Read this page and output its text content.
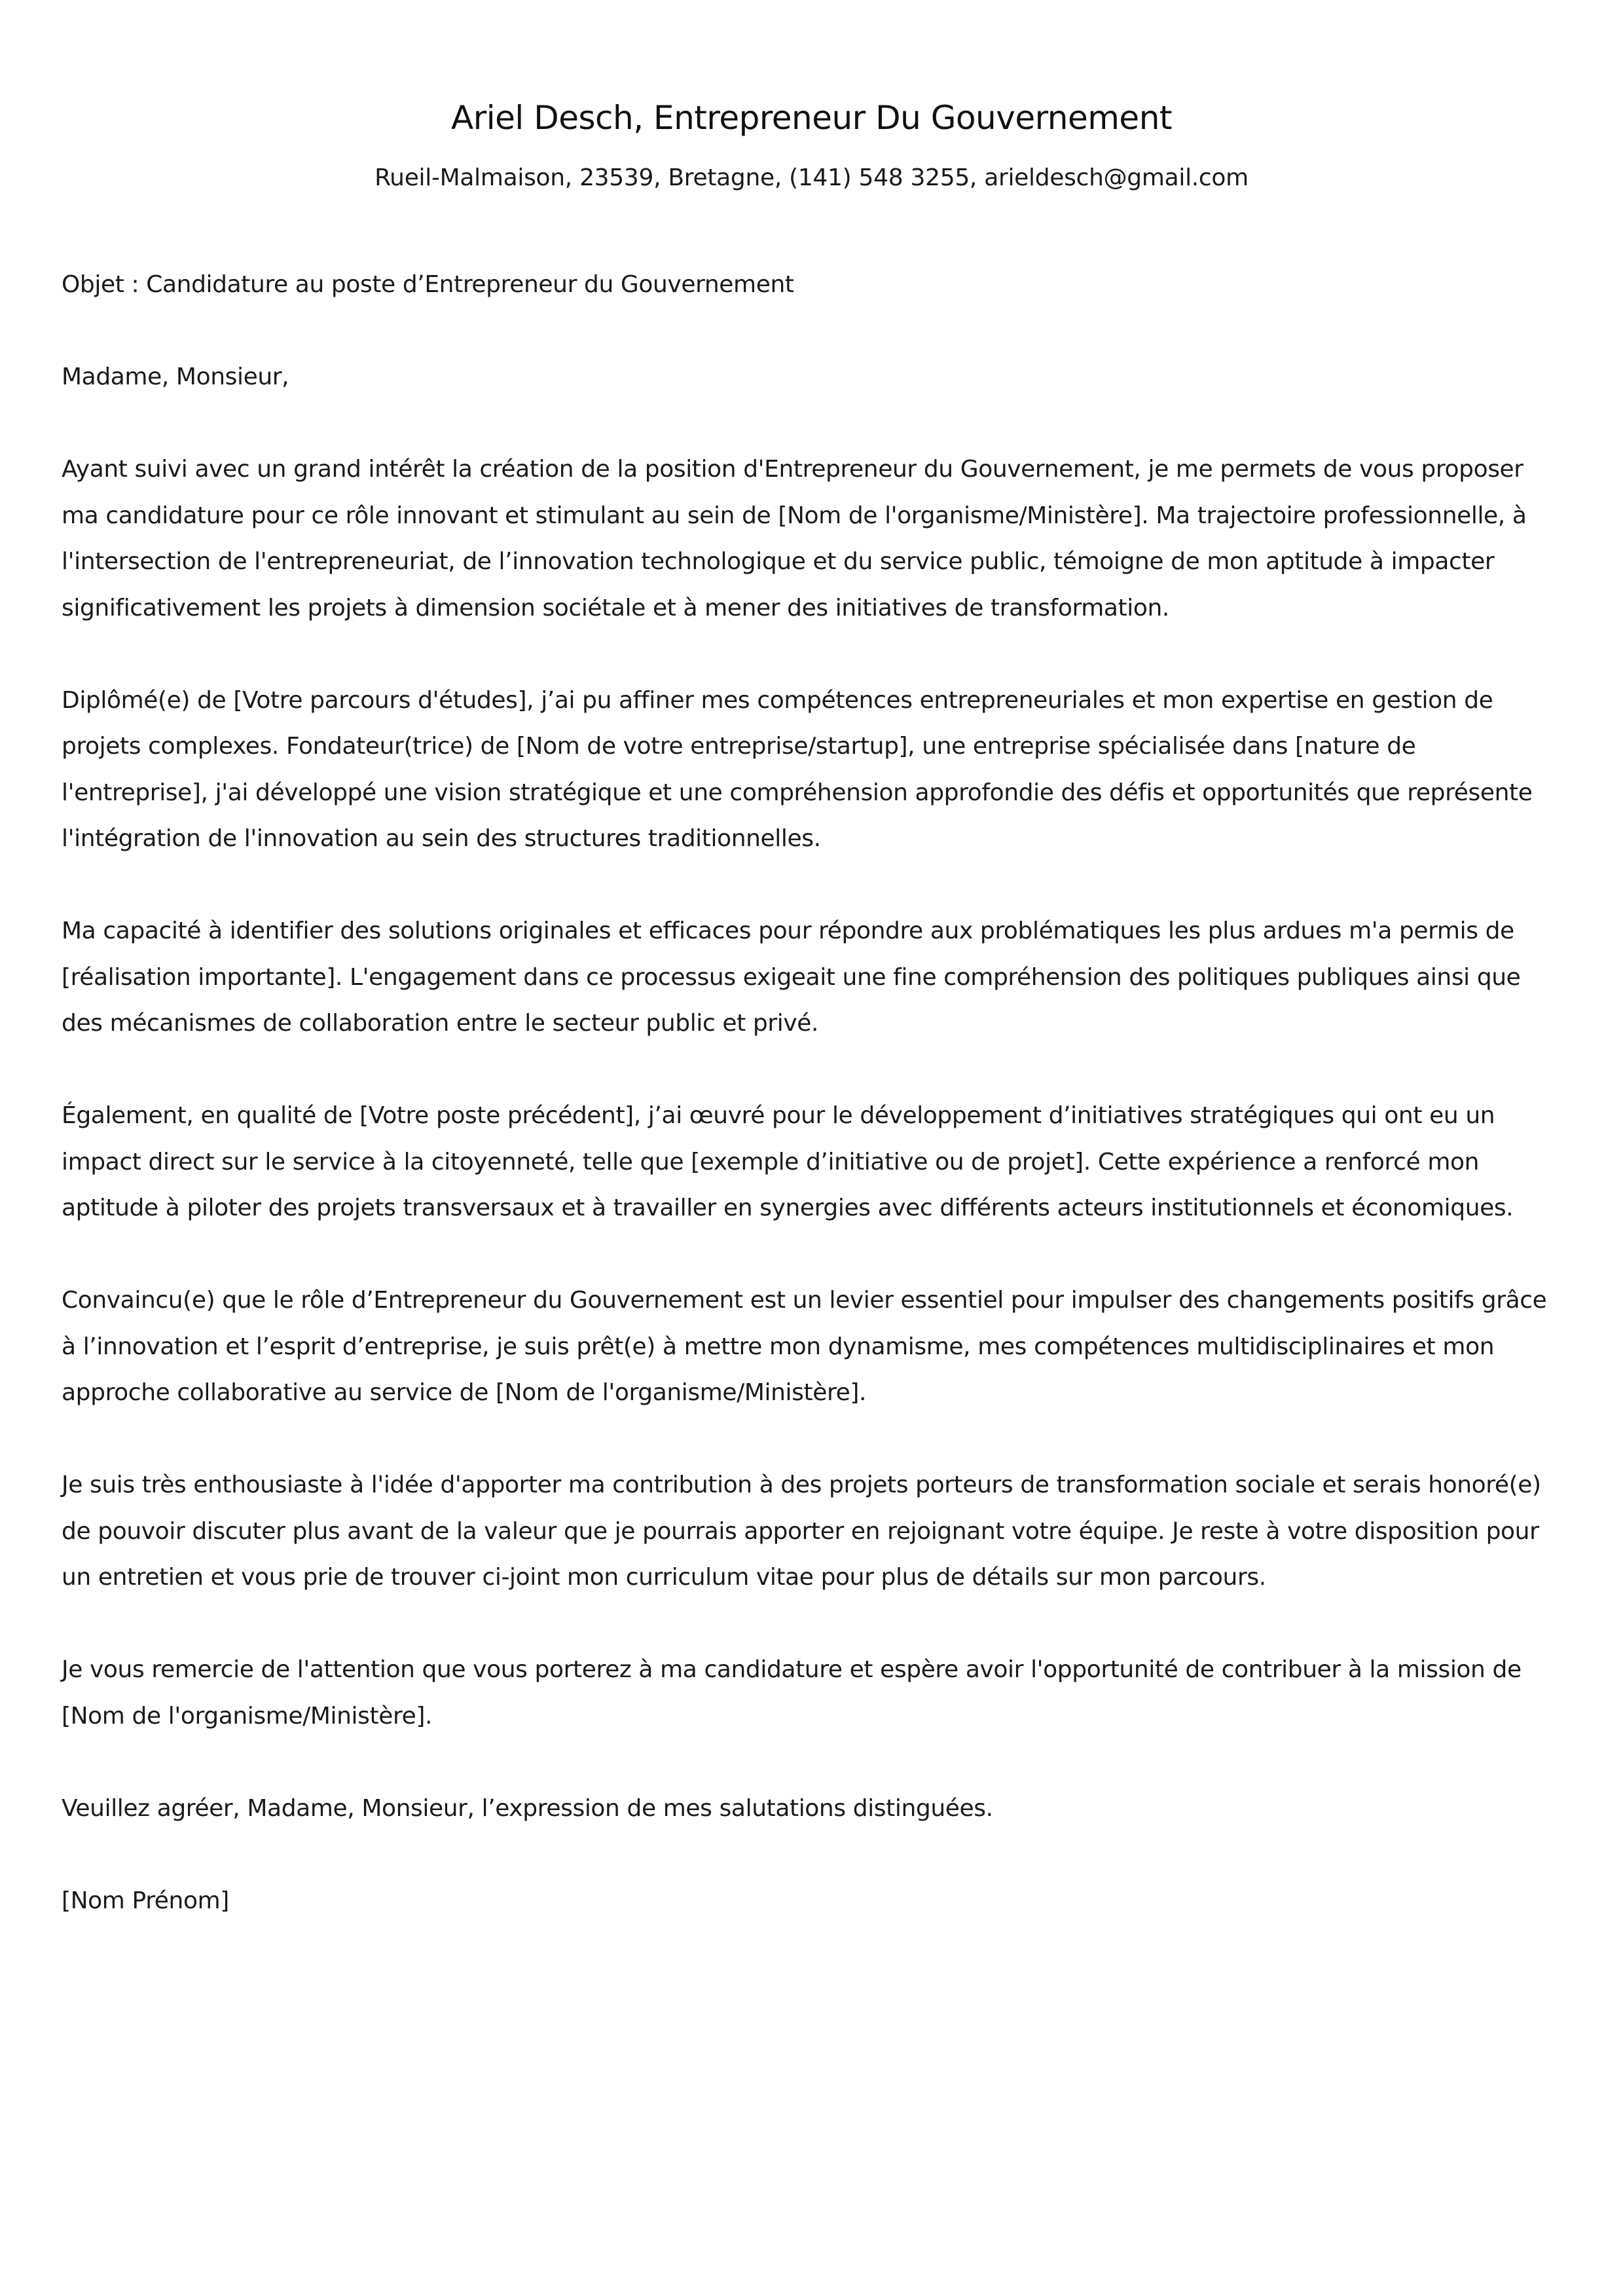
Ariel Desch, Entrepreneur Du Gouvernement
Rueil-Malmaison, 23539, Bretagne, (141) 548 3255, arieldesch@gmail.com

Objet : Candidature au poste d’Entrepreneur du Gouvernement

Madame, Monsieur,

Ayant suivi avec un grand intérêt la création de la position d'Entrepreneur du Gouvernement, je me permets de vous proposer ma candidature pour ce rôle innovant et stimulant au sein de [Nom de l'organisme/Ministère]. Ma trajectoire professionnelle, à l'intersection de l'entrepreneuriat, de l’innovation technologique et du service public, témoigne de mon aptitude à impacter significativement les projets à dimension sociétale et à mener des initiatives de transformation.

Diplômé(e) de [Votre parcours d'études], j’ai pu affiner mes compétences entrepreneuriales et mon expertise en gestion de projets complexes. Fondateur(trice) de [Nom de votre entreprise/startup], une entreprise spécialisée dans [nature de l'entreprise], j'ai développé une vision stratégique et une compréhension approfondie des défis et opportunités que représente l'intégration de l'innovation au sein des structures traditionnelles.

Ma capacité à identifier des solutions originales et efficaces pour répondre aux problématiques les plus ardues m'a permis de [réalisation importante]. L'engagement dans ce processus exigeait une fine compréhension des politiques publiques ainsi que des mécanismes de collaboration entre le secteur public et privé.

Également, en qualité de [Votre poste précédent], j’ai œuvré pour le développement d’initiatives stratégiques qui ont eu un impact direct sur le service à la citoyenneté, telle que [exemple d’initiative ou de projet]. Cette expérience a renforcé mon aptitude à piloter des projets transversaux et à travailler en synergies avec différents acteurs institutionnels et économiques.

Convaincu(e) que le rôle d’Entrepreneur du Gouvernement est un levier essentiel pour impulser des changements positifs grâce à l’innovation et l’esprit d’entreprise, je suis prêt(e) à mettre mon dynamisme, mes compétences multidisciplinaires et mon approche collaborative au service de [Nom de l'organisme/Ministère].

Je suis très enthousiaste à l'idée d'apporter ma contribution à des projets porteurs de transformation sociale et serais honoré(e) de pouvoir discuter plus avant de la valeur que je pourrais apporter en rejoignant votre équipe. Je reste à votre disposition pour un entretien et vous prie de trouver ci-joint mon curriculum vitae pour plus de détails sur mon parcours.

Je vous remercie de l'attention que vous porterez à ma candidature et espère avoir l'opportunité de contribuer à la mission de [Nom de l'organisme/Ministère].

Veuillez agréer, Madame, Monsieur, l’expression de mes salutations distinguées.

[Nom Prénom]
